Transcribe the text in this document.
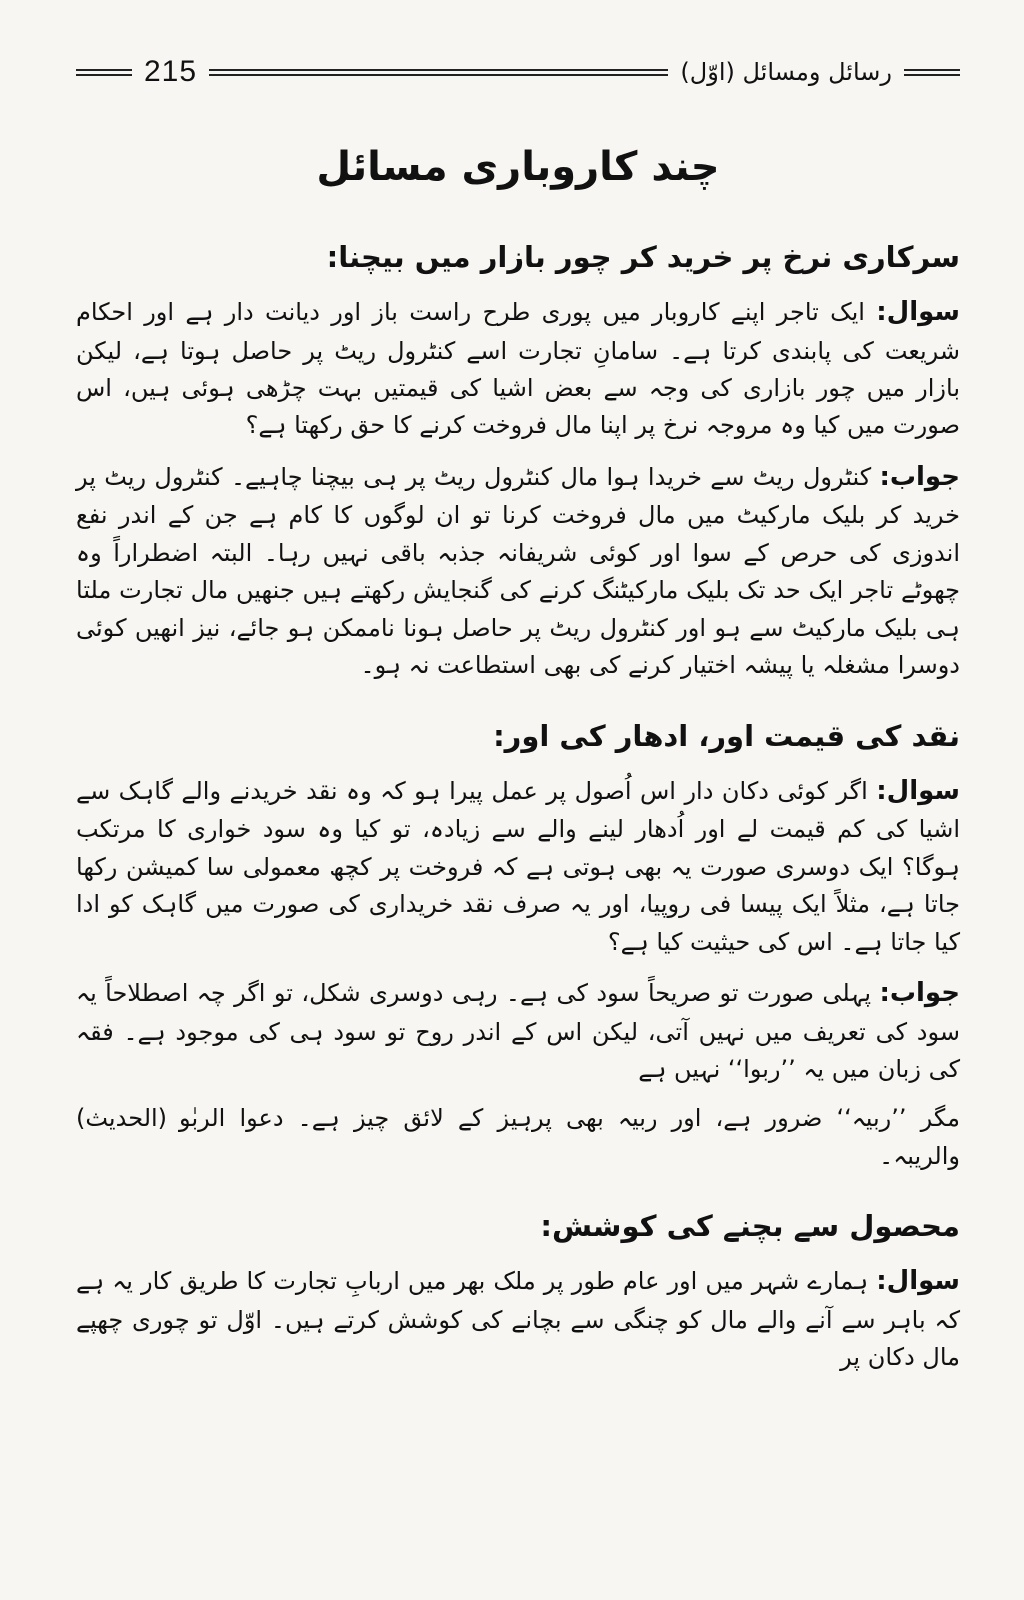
215	رسائل ومسائل (اوّل)
چند کاروباری مسائل
سرکاری نرخ پر خرید کر چور بازار میں بیچنا:

سوال: ایک تاجر اپنے کاروبار میں پوری طرح راست باز اور دیانت دار ہے اور احکام شریعت کی پابندی کرتا ہے۔ سامانِ تجارت اسے کنٹرول ریٹ پر حاصل ہوتا ہے، لیکن بازار میں چور بازاری کی وجہ سے بعض اشیا کی قیمتیں بہت چڑھی ہوئی ہیں، اس صورت میں کیا وہ مروجہ نرخ پر اپنا مال فروخت کرنے کا حق رکھتا ہے؟

جواب: کنٹرول ریٹ سے خریدا ہوا مال کنٹرول ریٹ پر ہی بیچنا چاہیے۔ کنٹرول ریٹ پر خرید کر بلیک مارکیٹ میں مال فروخت کرنا تو ان لوگوں کا کام ہے جن کے اندر نفع اندوزی کی حرص کے سوا اور کوئی شریفانہ جذبہ باقی نہیں رہا۔ البتہ اضطراراً وہ چھوٹے تاجر ایک حد تک بلیک مارکیٹنگ کرنے کی گنجایش رکھتے ہیں جنھیں مال تجارت ملتا ہی بلیک مارکیٹ سے ہو اور کنٹرول ریٹ پر حاصل ہونا ناممکن ہو جائے، نیز انھیں کوئی دوسرا مشغلہ یا پیشہ اختیار کرنے کی بھی استطاعت نہ ہو۔

نقد کی قیمت اور، ادھار کی اور:

سوال: اگر کوئی دکان دار اس اُصول پر عمل پیرا ہو کہ وہ نقد خریدنے والے گاہک سے اشیا کی کم قیمت لے اور اُدھار لینے والے سے زیادہ، تو کیا وہ سود خواری کا مرتکب ہوگا؟ ایک دوسری صورت یہ بھی ہوتی ہے کہ فروخت پر کچھ معمولی سا کمیشن رکھا جاتا ہے، مثلاً ایک پیسا فی روپیا، اور یہ صرف نقد خریداری کی صورت میں گاہک کو ادا کیا جاتا ہے۔ اس کی حیثیت کیا ہے؟

جواب: پہلی صورت تو صریحاً سود کی ہے۔ رہی دوسری شکل، تو اگر چہ اصطلاحاً یہ سود کی تعریف میں نہیں آتی، لیکن اس کے اندر روح تو سود ہی کی موجود ہے۔ فقہ کی زبان میں یہ ’’ربوا‘‘ نہیں ہے

مگر ’’ربیہ‘‘ ضرور ہے، اور ربیہ بھی پرہیز کے لائق چیز ہے۔ دعوا الربٰو والریبہ۔
(الحدیث)

محصول سے بچنے کی کوشش:

سوال: ہمارے شہر میں اور عام طور پر ملک بھر میں اربابِ تجارت کا طریق کار یہ ہے کہ باہر سے آنے والے مال کو چنگی سے بچانے کی کوشش کرتے ہیں۔ اوّل تو چوری چھپے مال دکان پر
